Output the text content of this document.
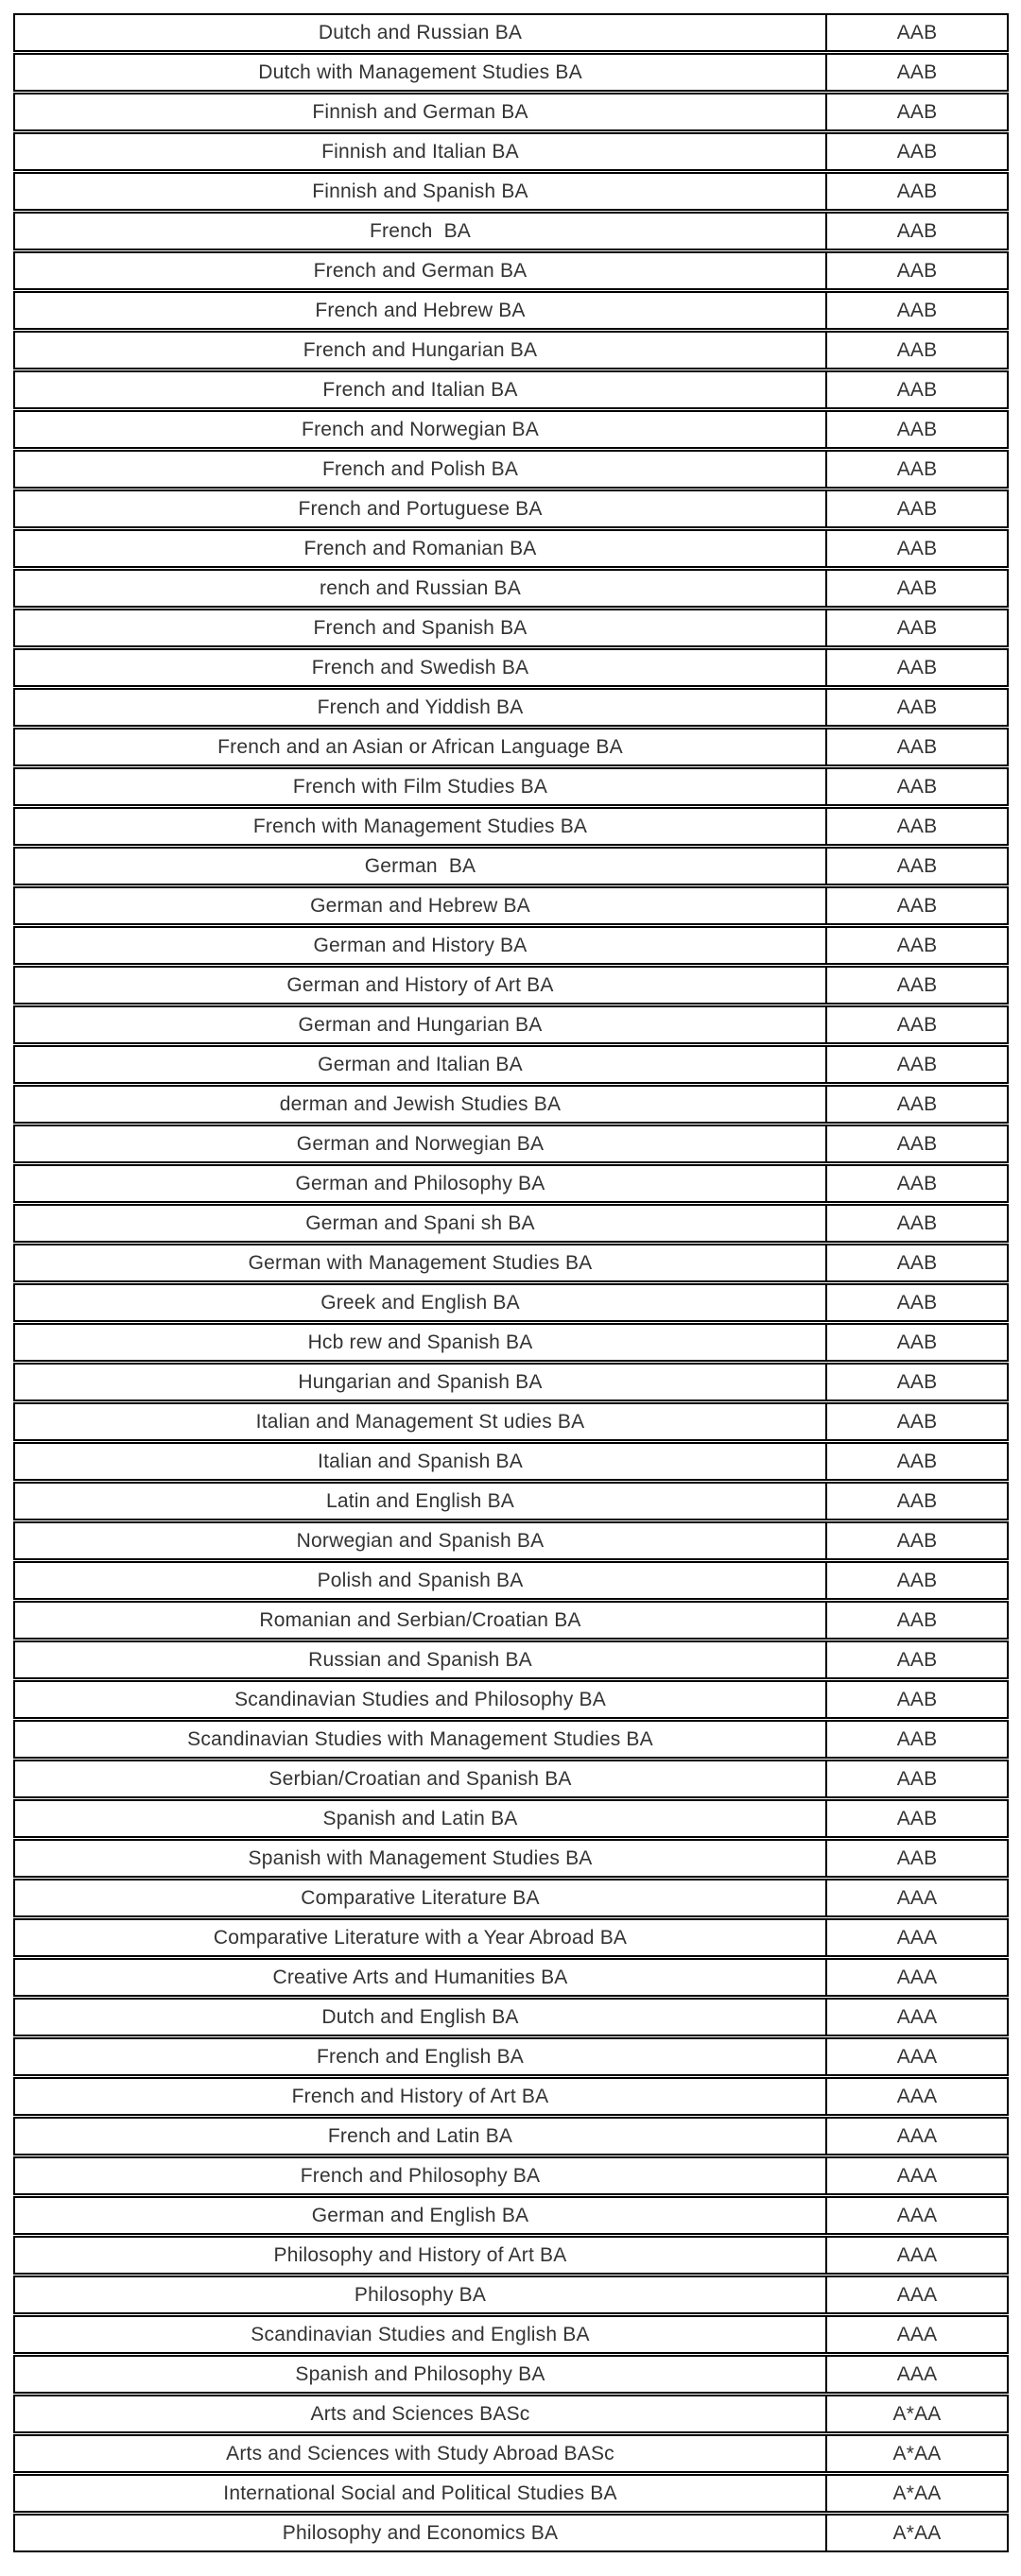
Dutch and Russian BA	AAB
Dutch with Management Studies BA	AAB
Finnish and German BA	AAB
Finnish and Italian BA	AAB
Finnish and Spanish BA	AAB
French  BA	AAB
French and German BA	AAB
French and Hebrew BA	AAB
French and Hungarian BA	AAB
French and Italian BA	AAB
French and Norwegian BA	AAB
French and Polish BA	AAB
French and Portuguese BA	AAB
French and Romanian BA	AAB
rench and Russian BA	AAB
French and Spanish BA	AAB
French and Swedish BA	AAB
French and Yiddish BA	AAB
French and an Asian or African Language BA	AAB
French with Film Studies BA	AAB
French with Management Studies BA	AAB
German  BA	AAB
German and Hebrew BA	AAB
German and History BA	AAB
German and History of Art BA	AAB
German and Hungarian BA	AAB
German and Italian BA	AAB
derman and Jewish Studies BA	AAB
German and Norwegian BA	AAB
German and Philosophy BA	AAB
German and Spani sh BA	AAB
German with Management Studies BA	AAB
Greek and English BA	AAB
Hcb rew and Spanish BA	AAB
Hungarian and Spanish BA	AAB
Italian and Management St udies BA	AAB
Italian and Spanish BA	AAB
Latin and English BA	AAB
Norwegian and Spanish BA	AAB
Polish and Spanish BA	AAB
Romanian and Serbian/Croatian BA	AAB
Russian and Spanish BA	AAB
Scandinavian Studies and Philosophy BA	AAB
Scandinavian Studies with Management Studies BA	AAB
Serbian/Croatian and Spanish BA	AAB
Spanish and Latin BA	AAB
Spanish with Management Studies BA	AAB
Comparative Literature BA	AAA
Comparative Literature with a Year Abroad BA	AAA
Creative Arts and Humanities BA	AAA
Dutch and English BA	AAA
French and English BA	AAA
French and History of Art BA	AAA
French and Latin BA	AAA
French and Philosophy BA	AAA
German and English BA	AAA
Philosophy and History of Art BA	AAA
Philosophy BA	AAA
Scandinavian Studies and English BA	AAA
Spanish and Philosophy BA	AAA
Arts and Sciences BASc	A*AA
Arts and Sciences with Study Abroad BASc	A*AA
International Social and Political Studies BA	A*AA
Philosophy and Economics BA	A*AA
